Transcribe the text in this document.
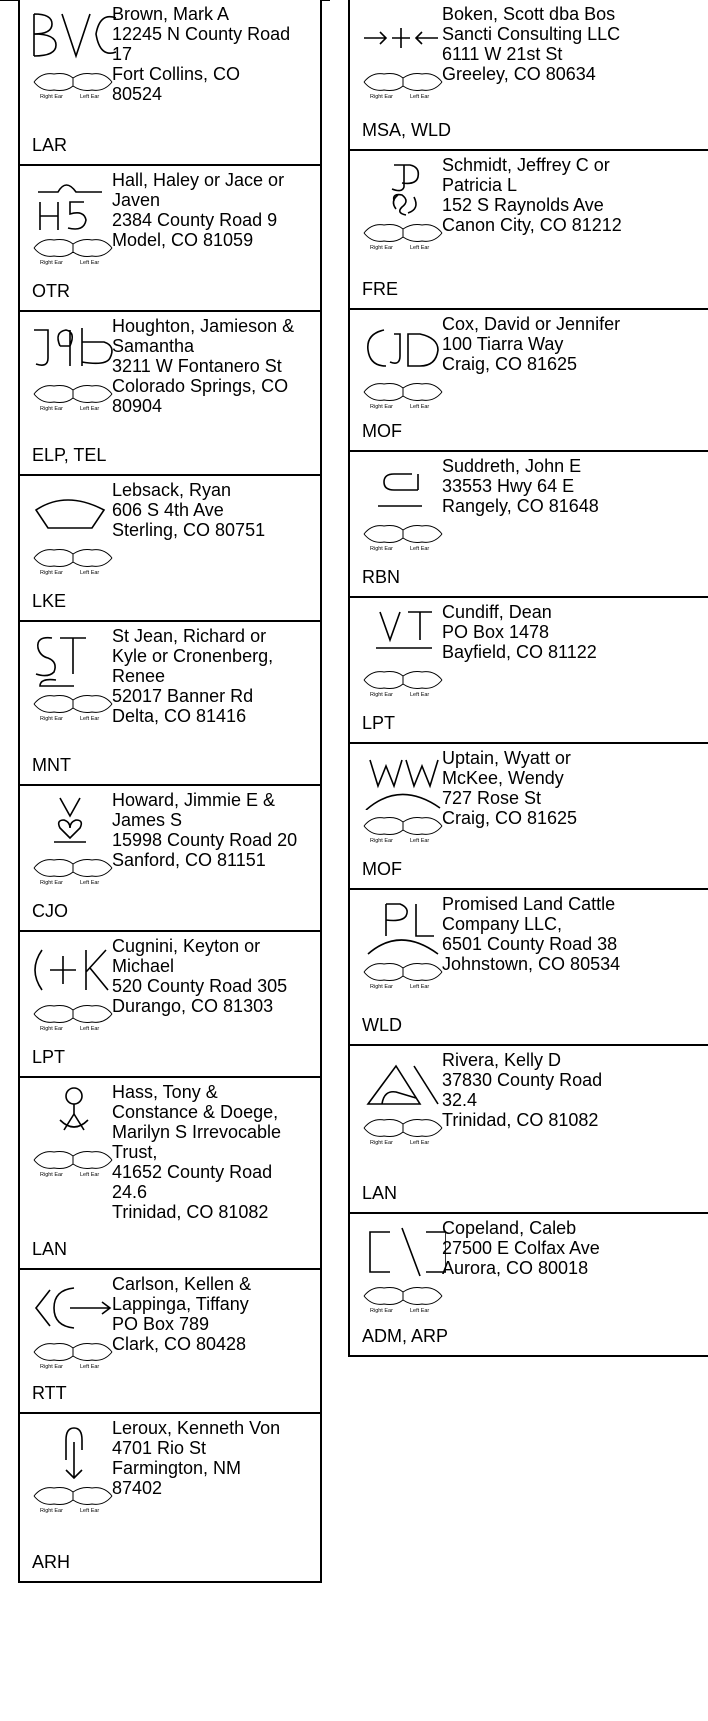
Right Ear	Left Ear
Brown, Mark A
12245 N County Road
17
Fort Collins, CO
80524
LAR
Right Ear	Left Ear
Hall, Haley or Jace or
Javen
2384 County Road 9
Model, CO 81059
OTR
Right Ear	Left Ear
Houghton, Jamieson &
Samantha
3211 W Fontanero St
Colorado Springs, CO
80904
ELP, TEL
Right Ear	Left Ear
Lebsack, Ryan
606 S 4th Ave
Sterling, CO 80751
LKE
Right Ear	Left Ear
St Jean, Richard or
Kyle or Cronenberg,
Renee
52017 Banner Rd
Delta, CO 81416
MNT
Right Ear	Left Ear
Howard, Jimmie E &
James S
15998 County Road 20
Sanford, CO 81151
CJO
Right Ear	Left Ear
Cugnini, Keyton or
Michael
520 County Road 305
Durango, CO 81303
LPT
Right Ear	Left Ear
Hass, Tony &
Constance & Doege,
Marilyn S Irrevocable
Trust,
41652 County Road
24.6
Trinidad, CO 81082
LAN
Right Ear	Left Ear
Carlson, Kellen &
Lappinga, Tiffany
PO Box 789
Clark, CO 80428
RTT
Right Ear	Left Ear
Leroux, Kenneth Von
4701 Rio St
Farmington, NM
87402
ARH
Right Ear	Left Ear
Boken, Scott dba Bos
Sancti Consulting LLC
6111 W 21st St
Greeley, CO 80634
MSA, WLD
Right Ear	Left Ear
Schmidt, Jeffrey C or
Patricia L
152 S Raynolds Ave
Canon City, CO 81212
FRE
Right Ear	Left Ear
Cox, David or Jennifer
100 Tiarra Way
Craig, CO 81625
MOF
Right Ear	Left Ear
Suddreth, John E
33553 Hwy 64 E
Rangely, CO 81648
RBN
Right Ear	Left Ear
Cundiff, Dean
PO Box 1478
Bayfield, CO 81122
LPT
Right Ear	Left Ear
Uptain, Wyatt or
McKee, Wendy
727 Rose St
Craig, CO 81625
MOF
Right Ear	Left Ear
Promised Land Cattle
Company LLC,
6501 County Road 38
Johnstown, CO 80534
WLD
Right Ear	Left Ear
Rivera, Kelly D
37830 County Road
32.4
Trinidad, CO 81082
LAN
Right Ear	Left Ear
Copeland, Caleb
27500 E Colfax Ave
Aurora, CO 80018
ADM, ARP
